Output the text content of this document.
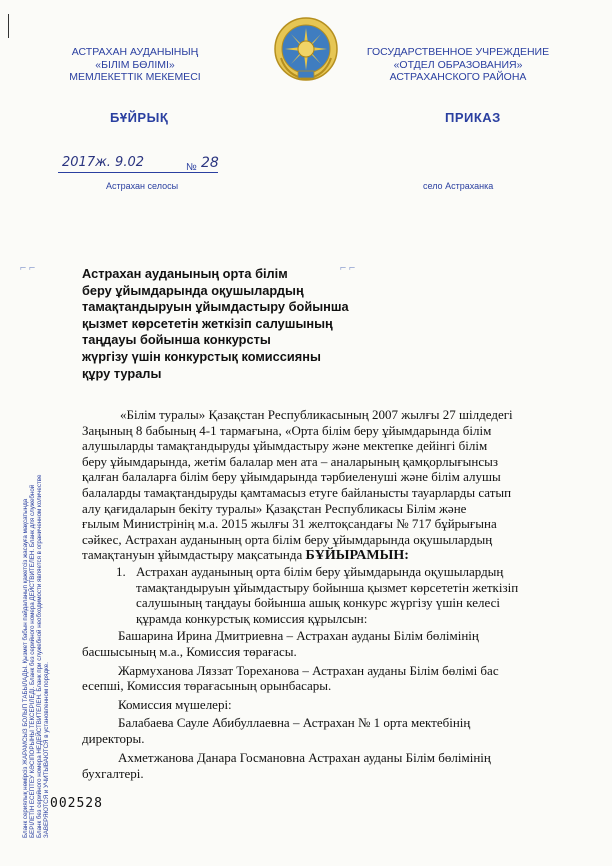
АСТРАХАН АУДАНЫНЫҢ
«БІЛІМ БӨЛІМІ»
МЕМЛЕКЕТТІК МЕКЕМЕСІ
ГОСУДАРСТВЕННОЕ УЧРЕЖДЕНИЕ
«ОТДЕЛ ОБРАЗОВАНИЯ»
АСТРАХАНСКОГО РАЙОНА
БҰЙРЫҚ	ПРИКАЗ
2017ж. 9.02	№ 28
Астрахан селосы	село Астраханка
⌐ ⌐	⌐ ⌐
Астрахан ауданының орта білім
беру ұйымдарында оқушылардың
тамақтандыруын ұйымдастыру бойынша
қызмет көрсететін жеткізіп салушының
таңдауы бойынша конкурсты
жүргізу үшін конкурстық комиссияны
құру туралы
Бланк сериялық нөмірсіз ЖАРАМСЫЗ БОЛЫП ТАБЫЛАДЫ. Қызмет бабын пайдаланып қажетсіз жасауға мақсатында БЕРІЛЕТІН ЕСЕПТЕУ КӘСІПОРЫНЫ ТЕКСЕРІЛЕДІ. Бланк без серийного номера ДЕЙСТВИТЕЛЕН. Бланк для служебной Бланк без серийного номера НЕДЕЙСТВИТЕЛЕН. Бланк при служебной необходимости является в ограниченном количестве ЗАВЕРЯЮТСЯ и УЧИТЫВАЮТСЯ в установленном порядке.
«Білім туралы» Қазақстан Республикасының 2007 жылғы 27 шілдедегі
Заңының 8 бабының 4-1 тармағына, «Орта білім беру ұйымдарында білім
алушыларды тамақтандыруды ұйымдастыру және мектепке дейінгі білім
беру ұйымдарында, жетім балалар мен ата – аналарының қамқорлығынсыз
қалған балаларға білім беру ұйымдарында тәрбиеленуші және білім алушы
балаларды тамақтандыруды қамтамасыз етуге байланысты тауарларды сатып
алу қағидаларын бекіту туралы» Қазақстан Республикасы Білім және
ғылым Министрінің м.а. 2015 жылғы 31 желтоқсандағы № 717 бұйрығына
сәйкес, Астрахан ауданының орта білім беру ұйымдарында оқушылардың
тамақтануын ұйымдастыру мақсатында БҰЙЫРАМЫН:
1. Астрахан ауданының орта білім беру ұйымдарында оқушылардың
тамақтандыруын ұйымдастыру бойынша қызмет көрсететін жеткізіп
салушының таңдауы бойынша ашық конкурс жүргізу үшін келесі
құрамда конкурстық комиссия құрылсын:
Башарина Ирина Дмитриевна – Астрахан ауданы Білім бөлімінің
басшысының м.а., Комиссия төрағасы.
Жармуханова Ляззат Тореханова – Астрахан ауданы Білім бөлімі бас
есепші, Комиссия төрағасының орынбасары.
Комиссия мүшелері:
Балабаева Сауле Абибуллаевна – Астрахан № 1 орта мектебінің
директоры.
Ахметжанова Данара Госмановна Астрахан ауданы Білім бөлімінің
бухгалтері.
002528
